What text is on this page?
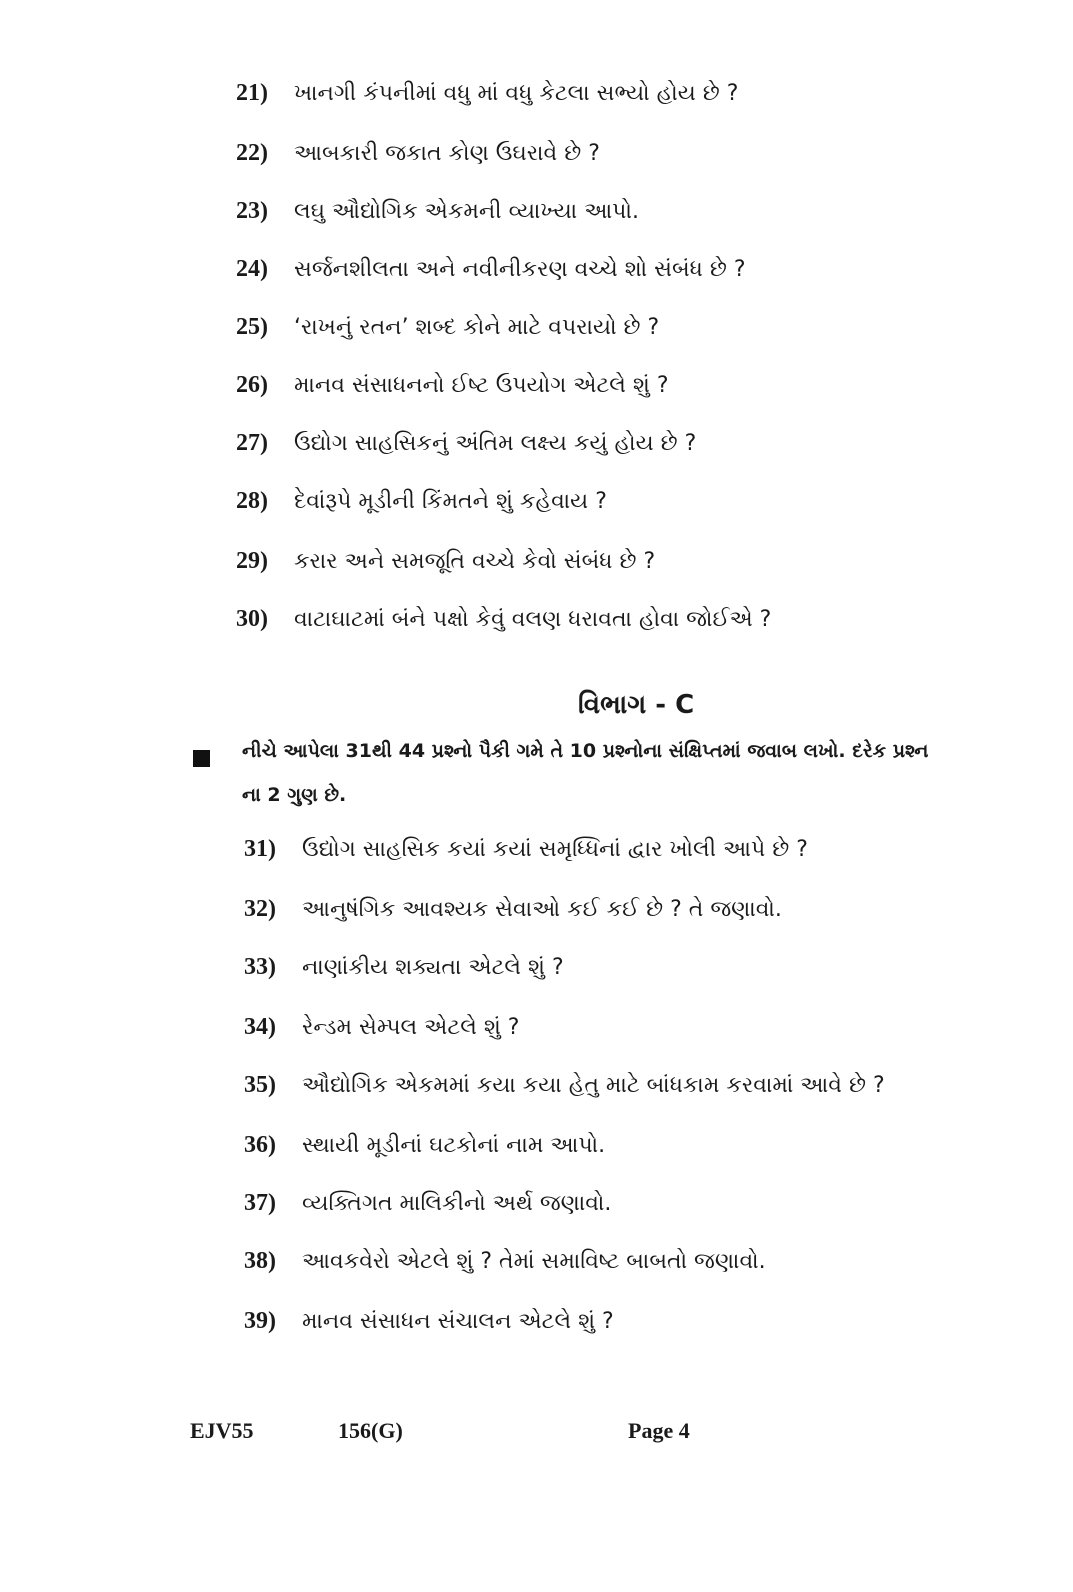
21)	ખાનગી કંપનીમાં વધુ માં વધુ કેટલા સભ્યો હોય છે ?
22)	આબકારી જકાત કોણ ઉઘરાવે છે ?
23)	લઘુ ઔદ્યોગિક એકમની વ્યાખ્યા આપો.
24)	સર્જનશીલતા અને નવીનીકરણ વચ્ચે શો સંબંધ છે ?
25)	‘રાખનું રતન’ શબ્દ કોને માટે વપરાયો છે ?
26)	માનવ સંસાધનનો ઈષ્ટ ઉપયોગ એટલે શું ?
27)	ઉદ્યોગ સાહસિકનું અંતિમ લક્ષ્ય કયું હોય છે ?
28)	દેવાંરૂપે મૂડીની કિંમતને શું કહેવાય ?
29)	કરાર અને સમજૂતિ વચ્ચે કેવો સંબંધ છે ?
30)	વાટાઘાટમાં બંને પક્ષો કેવું વલણ ધરાવતા હોવા જોઈએ ?
વિભાગ - C
નીચે આપેલા 31થી 44 પ્રશ્નો પૈકી ગમે તે 10 પ્રશ્નોના સંક્ષિપ્તમાં જવાબ લખો. દરેક પ્રશ્ન
ના 2 ગુણ છે.
31)	ઉદ્યોગ સાહસિક કયાં કયાં સમૃધ્ધિનાં દ્વાર ખોલી આપે છે ?
32)	આનુષંગિક આવશ્યક સેવાઓ કઈ કઈ છે ? તે જણાવો.
33)	નાણાંકીય શક્યતા એટલે શું ?
34)	રેન્ડમ સેમ્પલ એટલે શું ?
35)	ઔદ્યોગિક એકમમાં કયા કયા હેતુ માટે બાંધકામ કરવામાં આવે છે ?
36)	સ્થાયી મૂડીનાં ઘટકોનાં નામ આપો.
37)	વ્યક્તિગત માલિકીનો અર્થ જણાવો.
38)	આવકવેરો એટલે શું ? તેમાં સમાવિષ્ટ બાબતો જણાવો.
39)	માનવ સંસાધન સંચાલન એટલે શું ?
EJV55	156(G)	Page 4
